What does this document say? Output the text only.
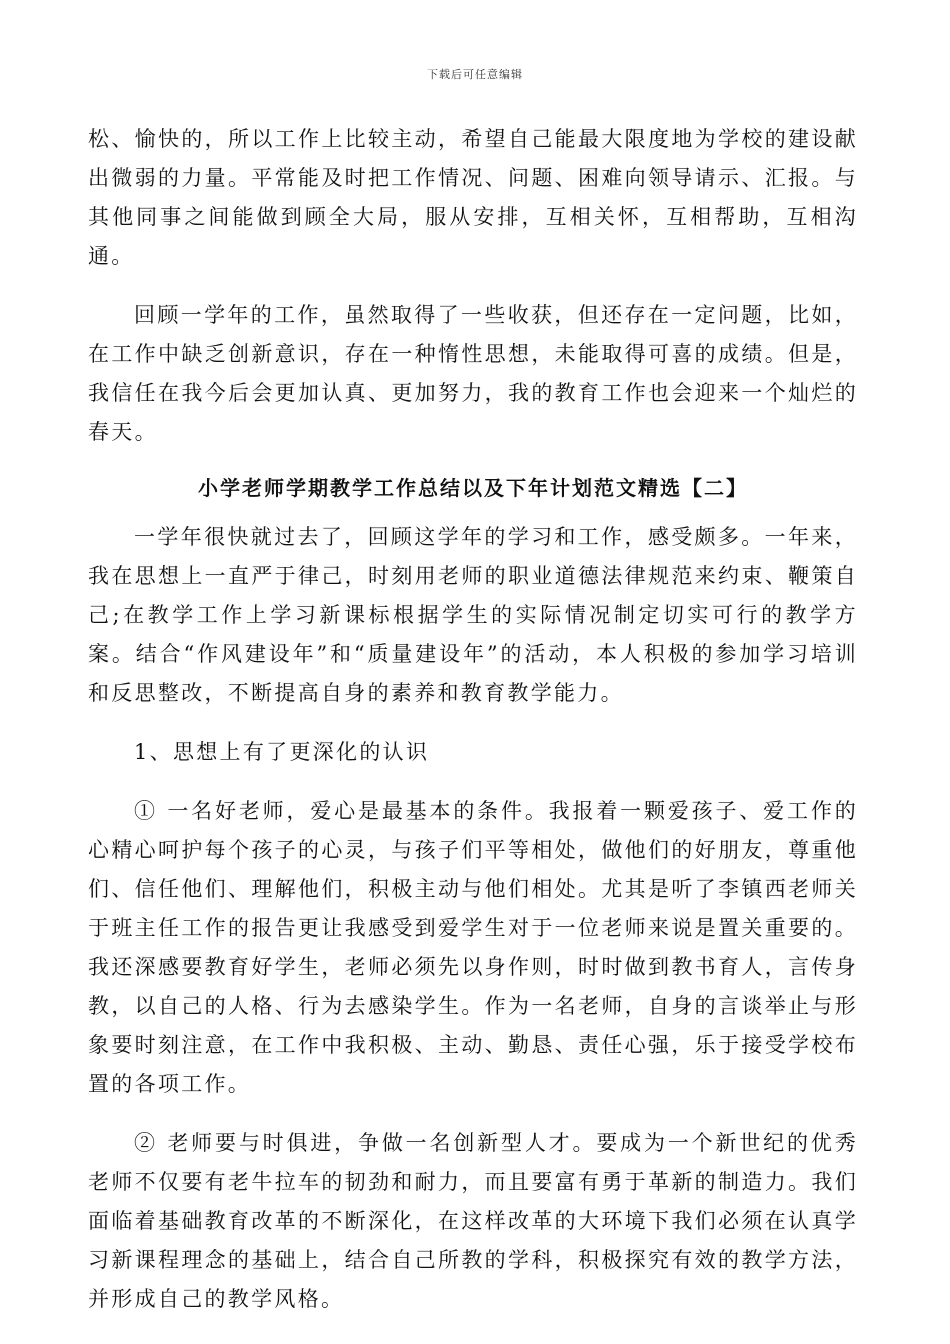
下载后可任意编辑

松、愉快的，所以工作上比较主动，希望自己能最大限度地为学校的建设献出微弱的力量。平常能及时把工作情况、问题、困难向领导请示、汇报。与其他同事之间能做到顾全大局，服从安排，互相关怀，互相帮助，互相沟通。

回顾一学年的工作，虽然取得了一些收获，但还存在一定问题，比如，在工作中缺乏创新意识，存在一种惰性思想，未能取得可喜的成绩。但是，我信任在我今后会更加认真、更加努力，我的教育工作也会迎来一个灿烂的春天。

小学老师学期教学工作总结以及下年计划范文精选【二】

一学年很快就过去了，回顾这学年的学习和工作，感受颇多。一年来，我在思想上一直严于律己，时刻用老师的职业道德法律规范来约束、鞭策自己;在教学工作上学习新课标根据学生的实际情况制定切实可行的教学方案。结合“作风建设年”和“质量建设年”的活动，本人积极的参加学习培训和反思整改，不断提高自身的素养和教育教学能力。

1、思想上有了更深化的认识

① 一名好老师，爱心是最基本的条件。我报着一颗爱孩子、爱工作的心精心呵护每个孩子的心灵，与孩子们平等相处，做他们的好朋友，尊重他们、信任他们、理解他们，积极主动与他们相处。尤其是听了李镇西老师关于班主任工作的报告更让我感受到爱学生对于一位老师来说是置关重要的。我还深感要教育好学生，老师必须先以身作则，时时做到教书育人，言传身教，以自己的人格、行为去感染学生。作为一名老师，自身的言谈举止与形象要时刻注意，在工作中我积极、主动、勤恳、责任心强，乐于接受学校布置的各项工作。

② 老师要与时俱进，争做一名创新型人才。要成为一个新世纪的优秀老师不仅要有老牛拉车的韧劲和耐力，而且要富有勇于革新的制造力。我们面临着基础教育改革的不断深化，在这样改革的大环境下我们必须在认真学习新课程理念的基础上，结合自己所教的学科，积极探究有效的教学方法，并形成自己的教学风格。
